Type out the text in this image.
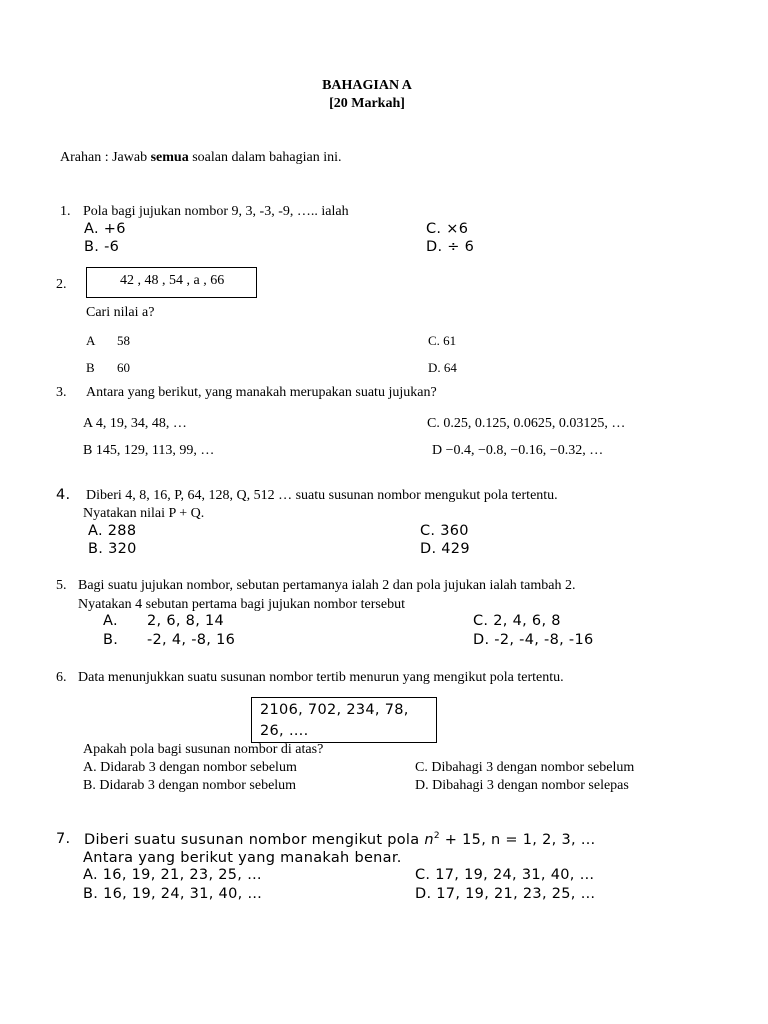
BAHAGIAN A
[20 Markah]
Arahan : Jawab semua soalan dalam bahagian ini.
1. Pola bagi jujukan nombor 9, 3, -3, -9, ….. ialah
A. +6
B. -6
C. ×6
D. ÷ 6
2.	42 , 48 , 54 , a , 66
Cari nilai a?
A 58
B 60
C. 61
D. 64
3. Antara yang berikut, yang manakah merupakan suatu jujukan?
A 4, 19, 34, 48, …
B 145, 129, 113, 99, …
C. 0.25, 0.125, 0.0625, 0.03125, …
D −0.4, −0.8, −0.16, −0.32, …
4. Diberi 4, 8, 16, P, 64, 128, Q, 512 … suatu susunan nombor mengukut pola tertentu.
Nyatakan nilai P + Q.
A. 288
B. 320
C. 360
D. 429
5. Bagi suatu jujukan nombor, sebutan pertamanya ialah 2 dan pola jujukan ialah tambah 2.
Nyatakan 4 sebutan pertama bagi jujukan nombor tersebut
A. 2, 6, 8, 14
B. -2, 4, -8, 16
C. 2, 4, 6, 8
D. -2, -4, -8, -16
6. Data menunjukkan suatu susunan nombor tertib menurun yang mengikut pola tertentu.
2106, 702, 234, 78, 26, ….
Apakah pola bagi susunan nombor di atas?
A. Didarab 3 dengan nombor sebelum
B. Didarab 3 dengan nombor sebelum
C. Dibahagi 3 dengan nombor sebelum
D. Dibahagi 3 dengan nombor selepas
7. Diberi suatu susunan nombor mengikut pola $n^2 + 15$, n = 1, 2, 3, …
Antara yang berikut yang manakah benar.
A. 16, 19, 21, 23, 25, …
B. 16, 19, 24, 31, 40, …
C. 17, 19, 24, 31, 40, …
D. 17, 19, 21, 23, 25, …
